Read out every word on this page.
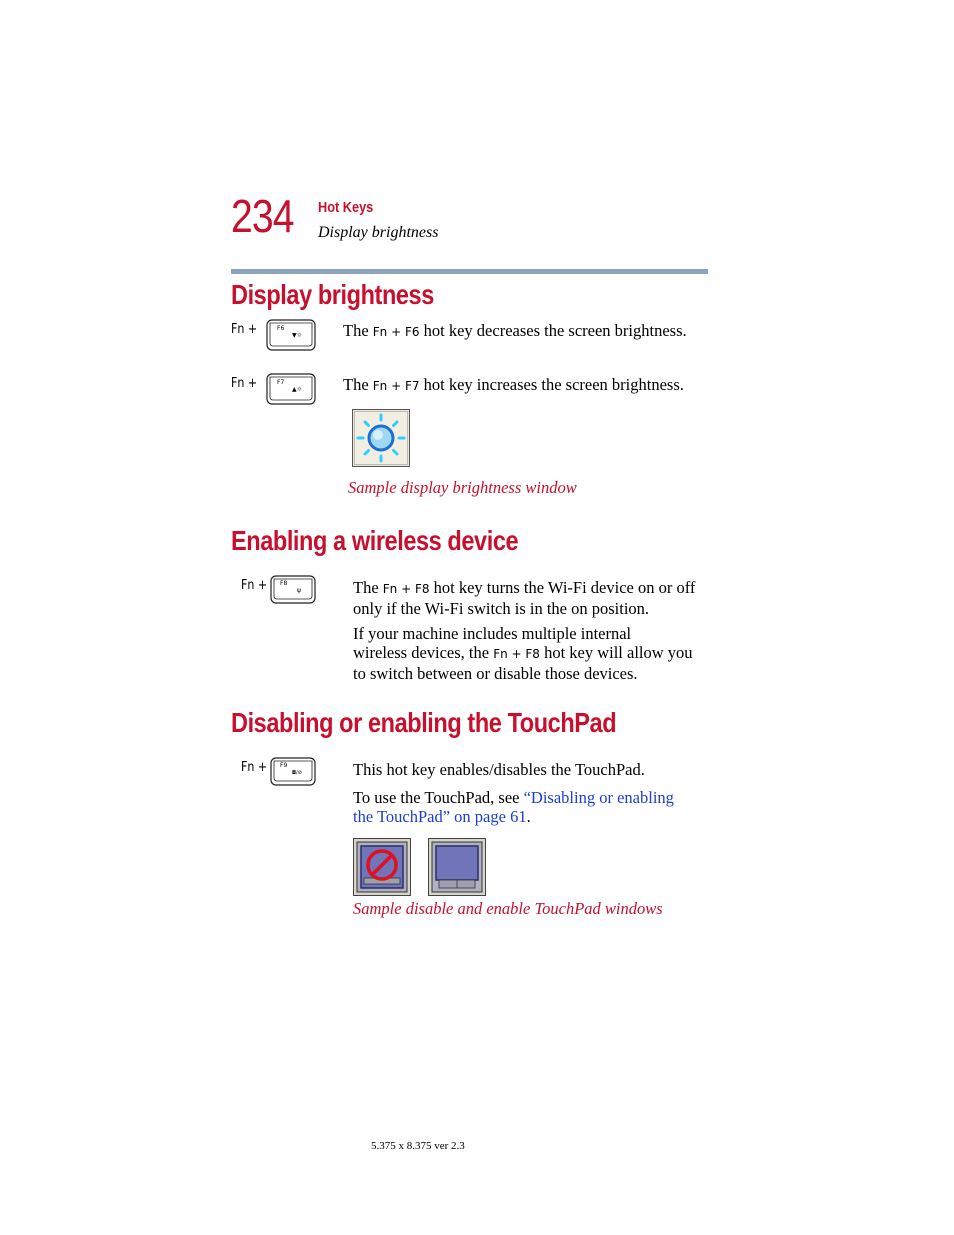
234 Hot Keys
Display brightness
Display brightness
Fn +	F6
▼☼ The Fn + F6 hot key decreases the screen brightness.
Fn +	F7
▲☼ The Fn + F7 hot key increases the screen brightness.
Sample display brightness window
Enabling a wireless device
Fn + F8
ψ	The Fn + F8 hot key turns the Wi-Fi device on or off
only if the Wi-Fi switch is in the on position.
If your machine includes multiple internal
wireless devices, the Fn + F8 hot key will allow you
to switch between or disable those devices.
Disabling or enabling the TouchPad
Fn + F9
◘/⊘	This hot key enables/disables the TouchPad.
To use the TouchPad, see “Disabling or enabling
the TouchPad” on page 61.
Sample disable and enable TouchPad windows
5.375 x 8.375 ver 2.3
